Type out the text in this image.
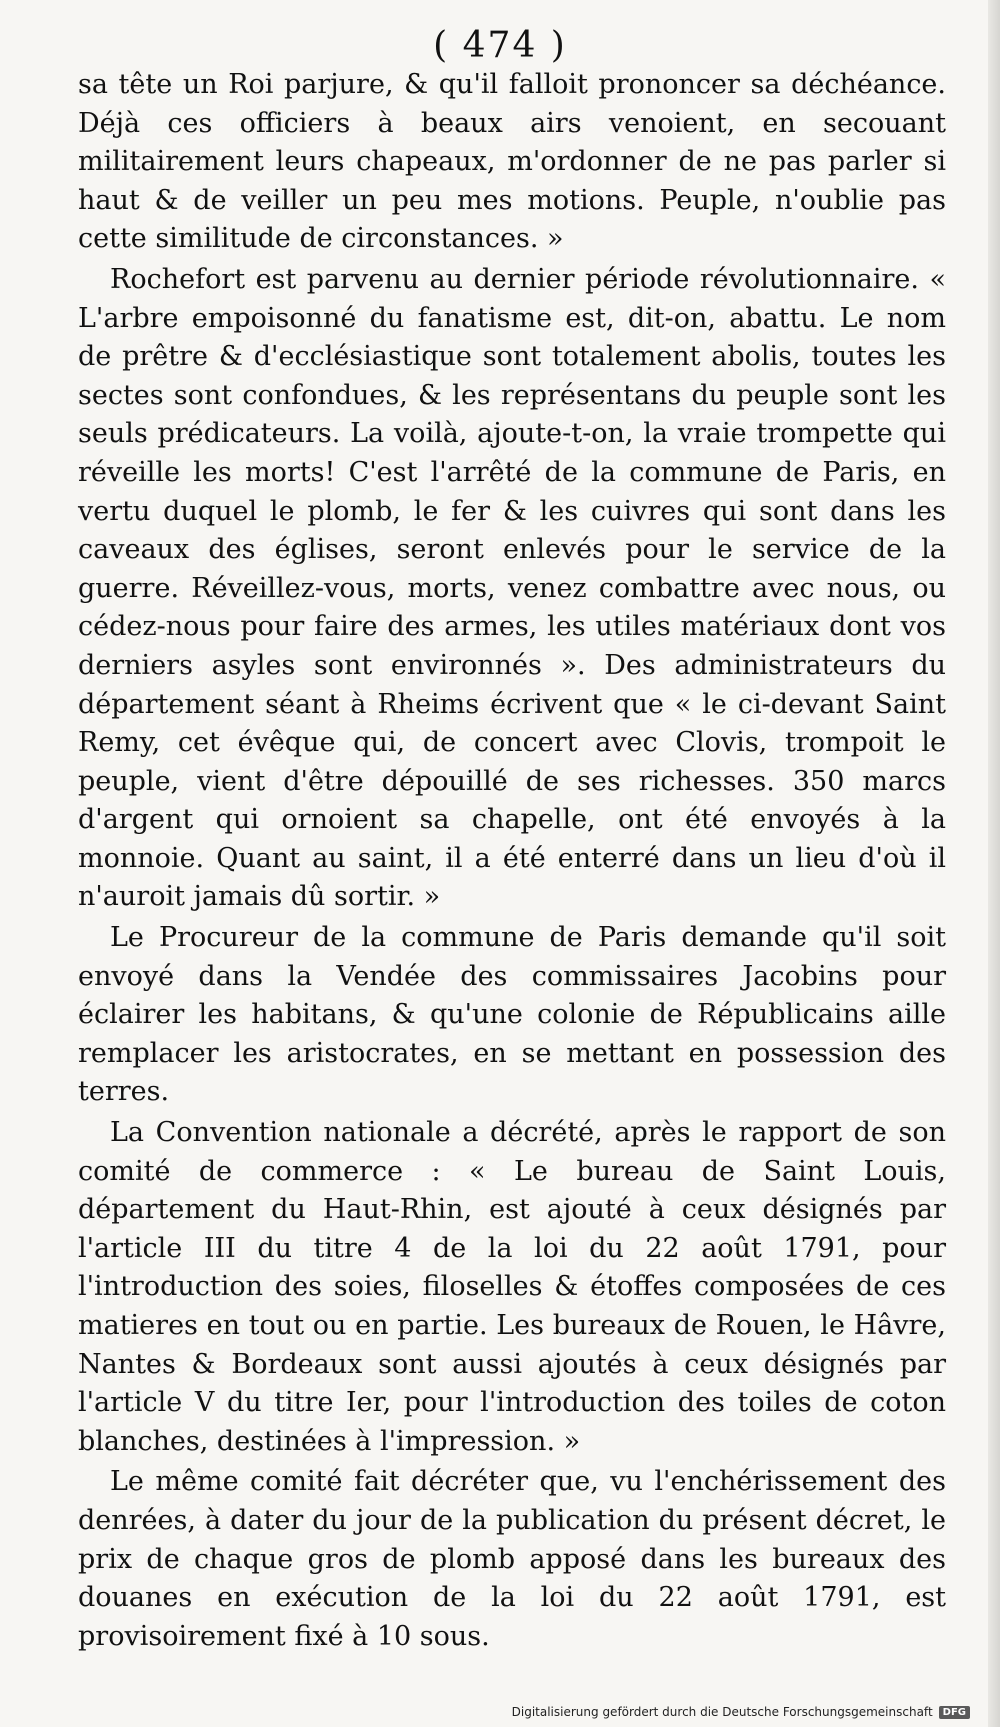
( 474 )

sa tête un Roi parjure, & qu'il falloit prononcer sa déchéance. Déjà ces officiers à beaux airs venoient, en secouant militairement leurs chapeaux, m'ordonner de ne pas parler si haut & de veiller un peu mes motions. Peuple, n'oublie pas cette similitude de circonstances. »

Rochefort est parvenu au dernier période révolutionnaire. « L'arbre empoisonné du fanatisme est, dit-on, abattu. Le nom de prêtre & d'ecclésiastique sont totalement abolis, toutes les sectes sont confondues, & les représentans du peuple sont les seuls prédicateurs. La voilà, ajoute-t-on, la vraie trompette qui réveille les morts! C'est l'arrêté de la commune de Paris, en vertu duquel le plomb, le fer & les cuivres qui sont dans les caveaux des églises, seront enlevés pour le service de la guerre. Réveillez-vous, morts, venez combattre avec nous, ou cédez-nous pour faire des armes, les utiles matériaux dont vos derniers asyles sont environnés ». Des administrateurs du département séant à Rheims écrivent que « le ci-devant Saint Remy, cet évêque qui, de concert avec Clovis, trompoit le peuple, vient d'être dépouillé de ses richesses. 350 marcs d'argent qui ornoient sa chapelle, ont été envoyés à la monnoie. Quant au saint, il a été enterré dans un lieu d'où il n'auroit jamais dû sortir. »

Le Procureur de la commune de Paris demande qu'il soit envoyé dans la Vendée des commissaires Jacobins pour éclairer les habitans, & qu'une colonie de Républicains aille remplacer les aristocrates, en se mettant en possession des terres.

La Convention nationale a décrété, après le rapport de son comité de commerce : « Le bureau de Saint Louis, département du Haut-Rhin, est ajouté à ceux désignés par l'article III du titre 4 de la loi du 22 août 1791, pour l'introduction des soies, filoselles & étoffes composées de ces matieres en tout ou en partie. Les bureaux de Rouen, le Hâvre, Nantes & Bordeaux sont aussi ajoutés à ceux désignés par l'article V du titre Ier, pour l'introduction des toiles de coton blanches, destinées à l'impression. »

Le même comité fait décréter que, vu l'enchérissement des denrées, à dater du jour de la publication du présent décret, le prix de chaque gros de plomb apposé dans les bureaux des douanes en exécution de la loi du 22 août 1791, est provisoirement fixé à 10 sous.

Digitalisierung gefördert durch die Deutsche Forschungsgemeinschaft	DFG
